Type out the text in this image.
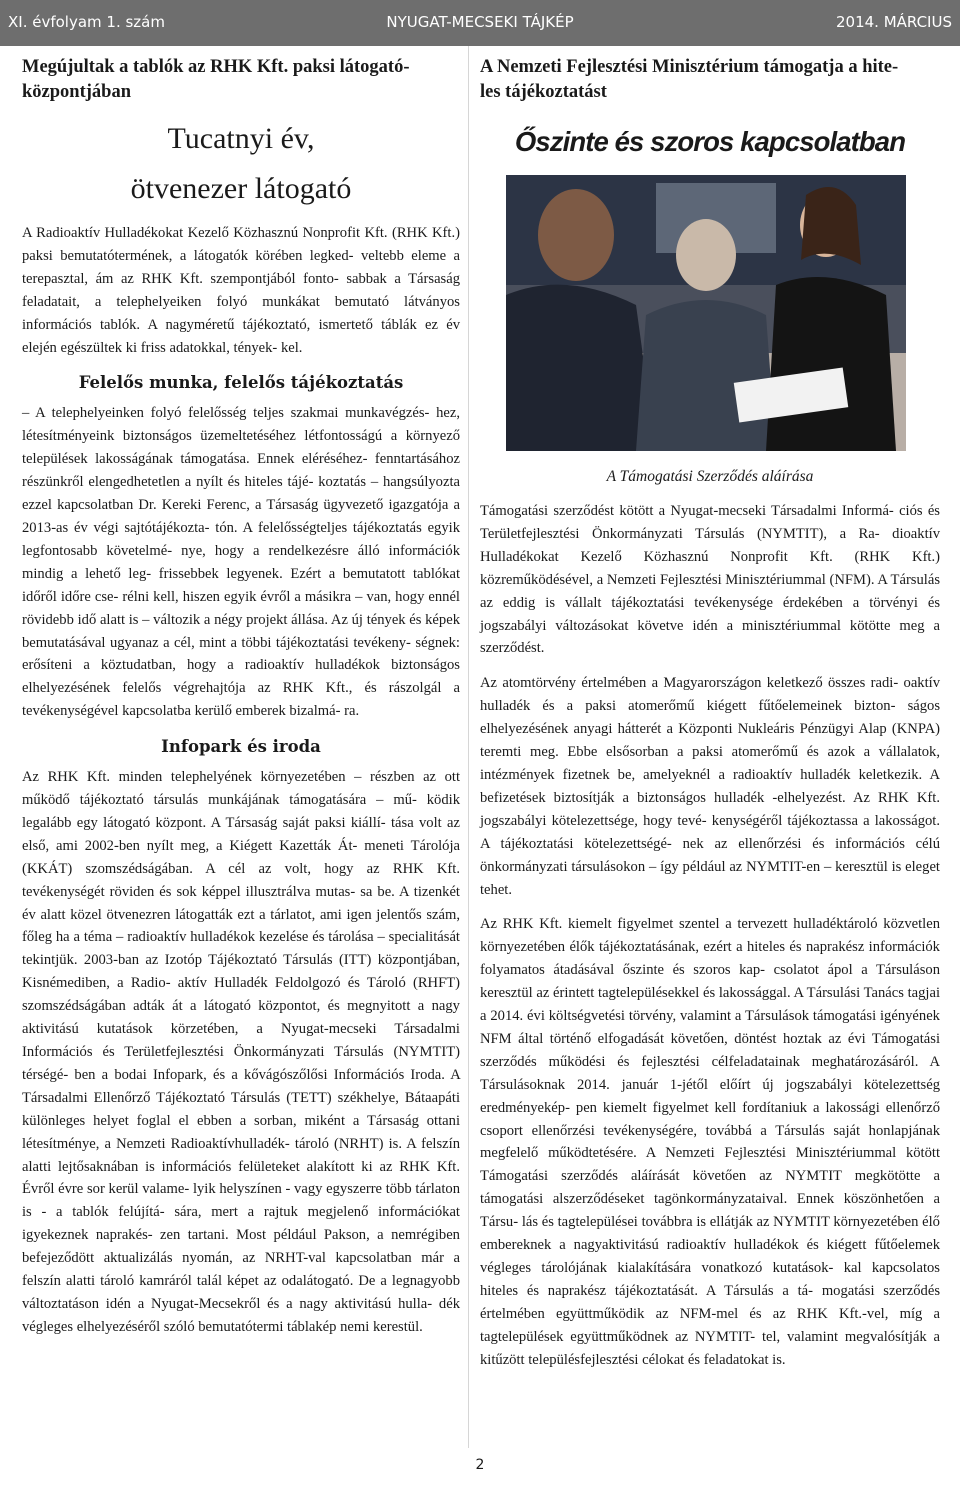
XI. évfolyam 1. szám	NYUGAT-MECSEKI TÁJKÉP	2014. MÁRCIUS
Megújultak a tablók az RHK Kft. paksi látogató-
központjában
Tucatnyi év,
ötvenezer látogató

A Radioaktív Hulladékokat Kezelő Közhasznú Nonprofit Kft. (RHK Kft.) paksi bemutatótermének, a látogatók körében legked- veltebb eleme a terepasztal, ám az RHK Kft. szempontjából fonto- sabbak a Társaság feladatait, a telephelyeiken folyó munkákat bemutató látványos információs tablók. A nagyméretű tájékoztató, ismertető táblák ez év elején egészültek ki friss adatokkal, tények- kel.

Felelős munka, felelős tájékoztatás

– A telephelyeinken folyó felelősség teljes szakmai munkavégzés- hez, létesítményeink biztonságos üzemeltetéséhez létfontosságú a környező települések lakosságának támogatása. Ennek eléréséhez- fenntartásához részünkről elengedhetetlen a nyílt és hiteles tájé- koztatás – hangsúlyozta ezzel kapcsolatban Dr. Kereki Ferenc, a Társaság ügyvezető igazgatója a 2013-as év végi sajtótájékozta- tón. A felelősségteljes tájékoztatás egyik legfontosabb követelmé- nye, hogy a rendelkezésre álló információk mindig a lehető leg- frissebbek legyenek. Ezért a bemutatott tablókat időről időre cse- rélni kell, hiszen egyik évről a másikra – van, hogy ennél rövidebb idő alatt is – változik a négy projekt állása. Az új tények és képek bemutatásával ugyanaz a cél, mint a többi tájékoztatási tevékeny- ségnek: erősíteni a köztudatban, hogy a radioaktív hulladékok biztonságos elhelyezésének felelős végrehajtója az RHK Kft., és rászolgál a tevékenységével kapcsolatba kerülő emberek bizalmá- ra.

Infopark és iroda

Az RHK Kft. minden telephelyének környezetében – részben az ott működő tájékoztató társulás munkájának támogatására – mű- ködik legalább egy látogató központ. A Társaság saját paksi kiállí- tása volt az első, ami 2002-ben nyílt meg, a Kiégett Kazetták Át- meneti Tárolója (KKÁT) szomszédságában. A cél az volt, hogy az RHK Kft. tevékenységét röviden és sok képpel illusztrálva mutas- sa be. A tizenkét év alatt közel ötvenezren látogatták ezt a tárlatot, ami igen jelentős szám, főleg ha a téma – radioaktív hulladékok kezelése és tárolása – specialitását tekintjük. 2003-ban az Izotóp Tájékoztató Társulás (ITT) központjában, Kisnémediben, a Radio- aktív Hulladék Feldolgozó és Tároló (RHFT) szomszédságában adták át a látogató központot, és megnyitott a nagy aktivitású kutatások körzetében, a Nyugat-mecseki Társadalmi Információs és Területfejlesztési Önkormányzati Társulás (NYMTIT) térségé- ben a bodai Infopark, és a kővágószőlősi Információs Iroda. A Társadalmi Ellenőrző Tájékoztató Társulás (TETT) székhelye, Bátaapáti különleges helyet foglal el ebben a sorban, miként a Társaság ottani létesítménye, a Nemzeti Radioaktívhulladék- tároló (NRHT) is. A felszín alatti lejtősaknában is információs felületeket alakított ki az RHK Kft. Évről évre sor kerül valame- lyik helyszínen - vagy egyszerre több tárlaton is - a tablók felújítá- sára, mert a rajtuk megjelenő információkat igyekeznek naprakés- zen tartani. Most például Pakson, a nemrégiben befejeződött aktualizálás nyomán, az NRHT-val kapcsolatban már a felszín alatti tároló kamráról talál képet az odalátogató. De a legnagyobb változtatáson idén a Nyugat-Mecsekről és a nagy aktivitású hulla- dék végleges elhelyezéséről szóló bemutatótermi táblakép nemi kerestül.

A Nemzeti Fejlesztési Minisztérium támogatja a hite-
les tájékoztatást
Őszinte és szoros kapcsolatban
A Támogatási Szerződés aláírása

Támogatási szerződést kötött a Nyugat-mecseki Társadalmi Informá- ciós és Területfejlesztési Önkormányzati Társulás (NYMTIT), a Ra- dioaktív Hulladékokat Kezelő Közhasznú Nonprofit Kft. (RHK Kft.) közreműködésével, a Nemzeti Fejlesztési Minisztériummal (NFM). A Társulás az eddig is vállalt tájékoztatási tevékenysége érdekében a törvényi és jogszabályi változásokat követve idén a minisztériummal kötötte meg a szerződést.

Az atomtörvény értelmében a Magyarországon keletkező összes radi- oaktív hulladék és a paksi atomerőmű kiégett fűtőelemeinek bizton- ságos elhelyezésének anyagi hátterét a Központi Nukleáris Pénzügyi Alap (KNPA) teremti meg. Ebbe elsősorban a paksi atomerőmű és azok a vállalatok, intézmények fizetnek be, amelyeknél a radioaktív hulladék keletkezik. A befizetések biztosítják a biztonságos hulladék -elhelyezést. Az RHK Kft. jogszabályi kötelezettsége, hogy tevé- kenységéről tájékoztassa a lakosságot. A tájékoztatási kötelezettségé- nek az ellenőrzési és információs célú önkormányzati társulásokon – így például az NYMTIT-en – keresztül is eleget tehet.

Az RHK Kft. kiemelt figyelmet szentel a tervezett hulladéktároló közvetlen környezetében élők tájékoztatásának, ezért a hiteles és naprakész információk folyamatos átadásával őszinte és szoros kap- csolatot ápol a Társuláson keresztül az érintett tagtelepülésekkel és lakossággal. A Társulási Tanács tagjai a 2014. évi költségvetési törvény, valamint a Társulások támogatási igényének NFM által történő elfogadását követően, döntést hoztak az évi Támogatási szerződés működési és fejlesztési célfeladatainak meghatározásáról. A Társulásoknak 2014. január 1-jétől előírt új jogszabályi kötelezettség eredményekép- pen kiemelt figyelmet kell fordítaniuk a lakossági ellenőrző csoport ellenőrzési tevékenységére, továbbá a Társulás saját honlapjának megfelelő működtetésére. A Nemzeti Fejlesztési Minisztériummal kötött Támogatási szerződés aláírását követően az NYMTIT megkötötte a támogatási alszerződéseket tagönkormányzataival. Ennek köszönhetően a Társu- lás és tagtelepülései továbbra is ellátják az NYMTIT környezetében élő embereknek a nagyaktivitású radioaktív hulladékok és kiégett fűtőelemek végleges tárolójának kialakítására vonatkozó kutatások- kal kapcsolatos hiteles és naprakész tájékoztatását. A Társulás a tá- mogatási szerződés értelmében együttműködik az NFM-mel és az RHK Kft.-vel, míg a tagtelepülések együttműködnek az NYMTIT- tel, valamint megvalósítják a kitűzött településfejlesztési célokat és feladatokat is.

2
